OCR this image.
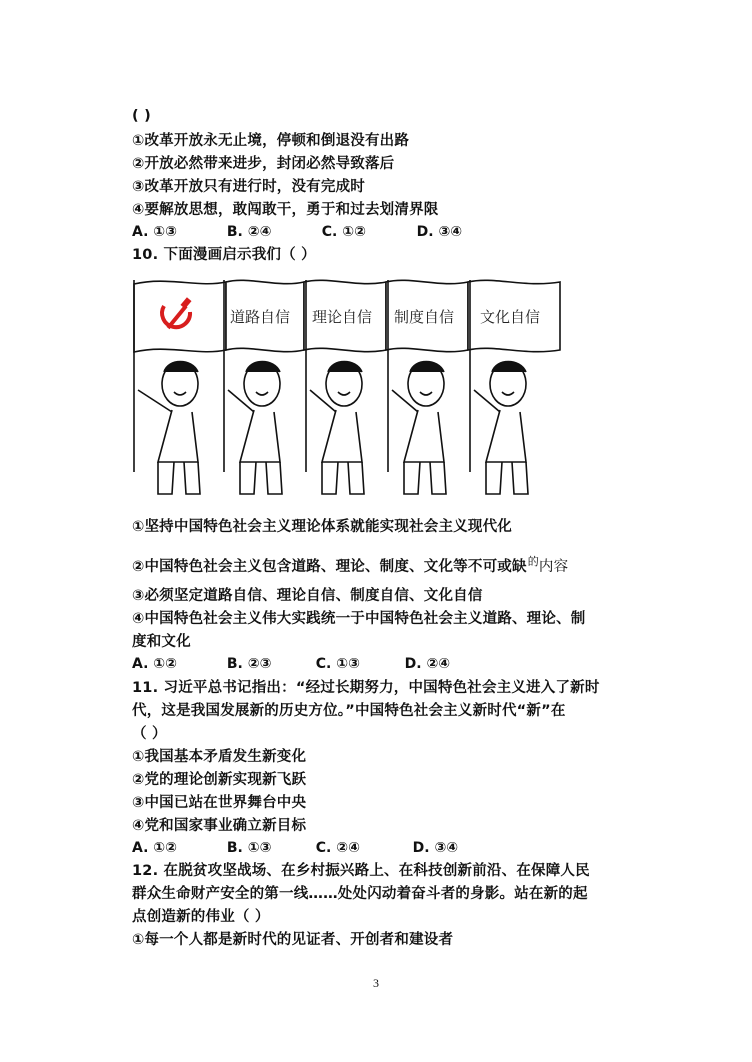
( )
①改革开放永无止境，停顿和倒退没有出路
②开放必然带来进步，封闭必然导致落后
③改革开放只有进行时，没有完成时
④要解放思想，敢闯敢干，勇于和过去划清界限
A. ①③	B. ②④	C. ①②	D. ③④
10. 下面漫画启示我们（ ）
道路自信 理论自信 制度自信 文化自信
①坚持中国特色社会主义理论体系就能实现社会主义现代化
②中国特色社会主义包含道路、理论、制度、文化等不可或缺$^的$内容
③必须坚定道路自信、理论自信、制度自信、文化自信
④中国特色社会主义伟大实践统一于中国特色社会主义道路、理论、制
度和文化
A. ①②	B. ②③	C. ①③	D. ②④
11. 习近平总书记指出：“经过长期努力，中国特色社会主义进入了新时
代，这是我国发展新的历史方位。”中国特色社会主义新时代“新”在
（ ）
①我国基本矛盾发生新变化
②党的理论创新实现新飞跃
③中国已站在世界舞台中央
④党和国家事业确立新目标
A. ①②	B. ①③	C. ②④	D. ③④
12. 在脱贫攻坚战场、在乡村振兴路上、在科技创新前沿、在保障人民
群众生命财产安全的第一线……处处闪动着奋斗者的身影。站在新的起
点创造新的伟业（ ）
①每一个人都是新时代的见证者、开创者和建设者
3
